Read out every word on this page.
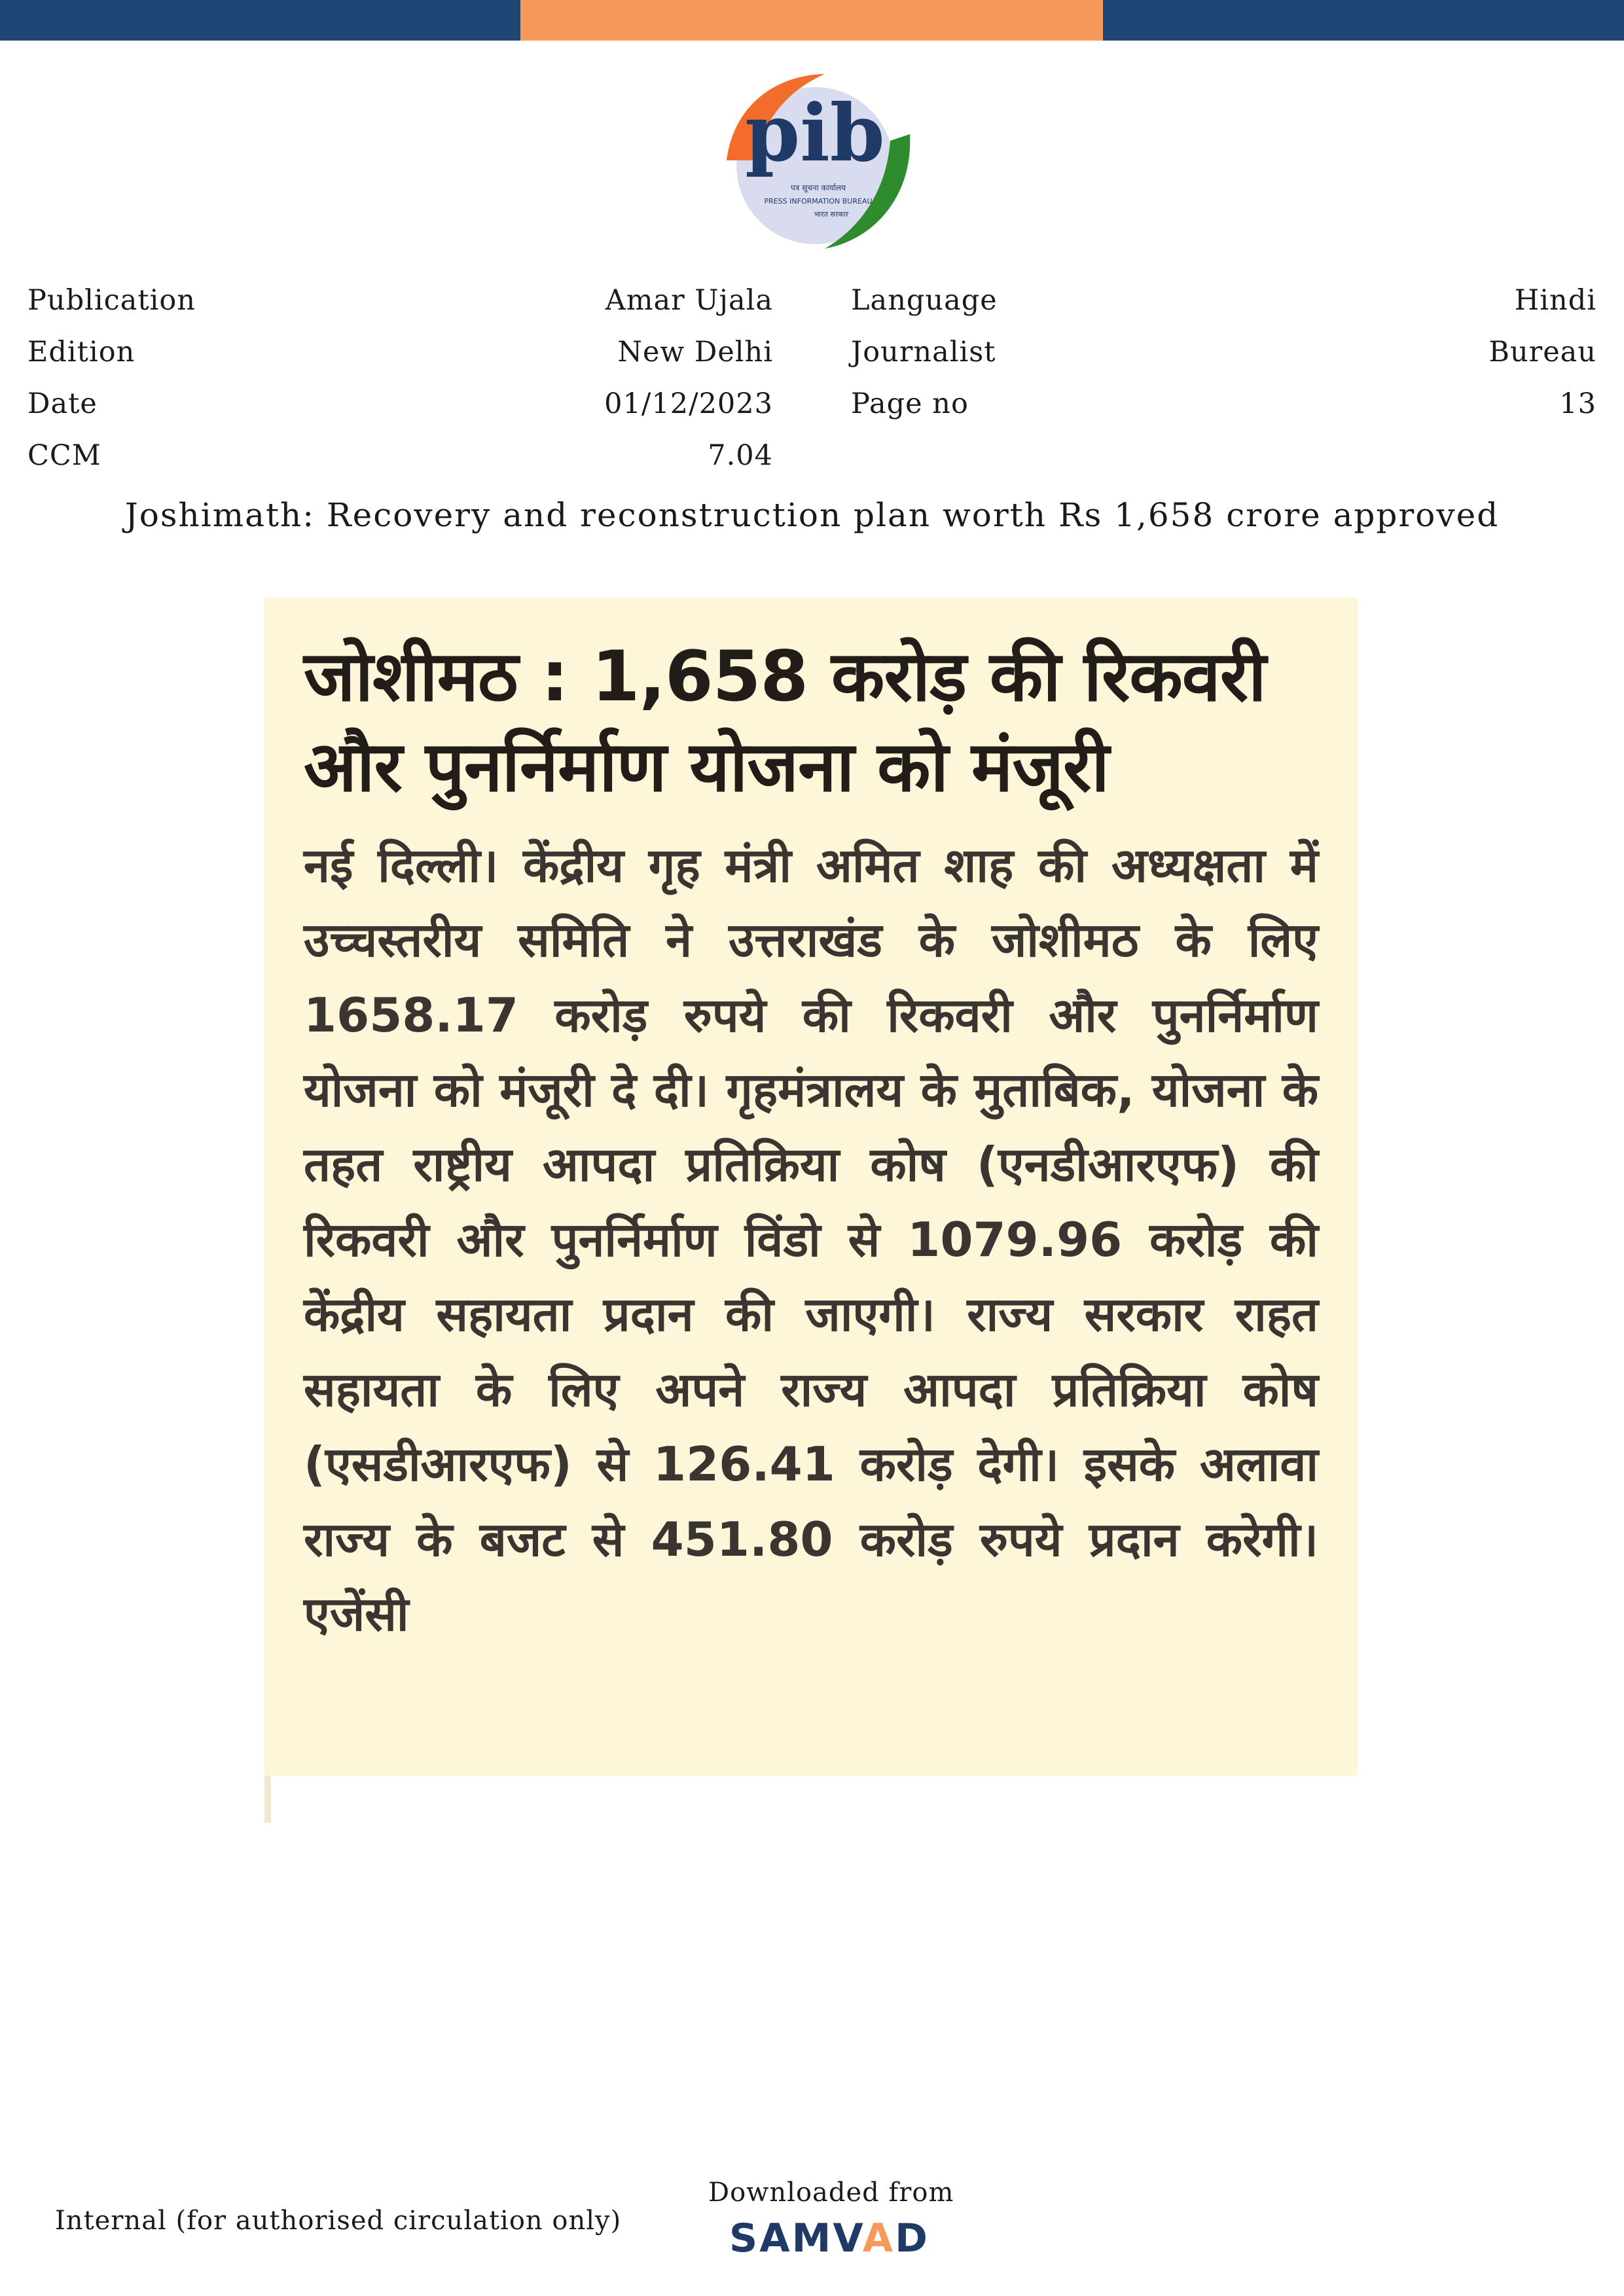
pib
पत्र सूचना कार्यालय
PRESS INFORMATION BUREAU
भारत सरकार
Publication	Amar Ujala	Language	Hindi
Edition	New Delhi	Journalist	Bureau
Date	01/12/2023	Page no	13
CCM	7.04
Joshimath: Recovery and reconstruction plan worth Rs 1,658 crore approved
जोशीमठ : 1,658 करोड़ की रिकवरी और पुनर्निर्माण योजना को मंजूरी

नई दिल्ली। केंद्रीय गृह मंत्री अमित शाह की अध्यक्षता में उच्चस्तरीय समिति ने उत्तराखंड के जोशीमठ के लिए 1658.17 करोड़ रुपये की रिकवरी और पुनर्निर्माण योजना को मंजूरी दे दी। गृहमंत्रालय के मुताबिक, योजना के तहत राष्ट्रीय आपदा प्रतिक्रिया कोष (एनडीआरएफ) की रिकवरी और पुनर्निर्माण विंडो से 1079.96 करोड़ की केंद्रीय सहायता प्रदान की जाएगी। राज्य सरकार राहत सहायता के लिए अपने राज्य आपदा प्रतिक्रिया कोष (एसडीआरएफ) से 126.41 करोड़ देगी। इसके अलावा राज्य के बजट से 451.80 करोड़ रुपये प्रदान करेगी। एजेंसी

Internal (for authorised circulation only)
Downloaded from
SAMVAD
